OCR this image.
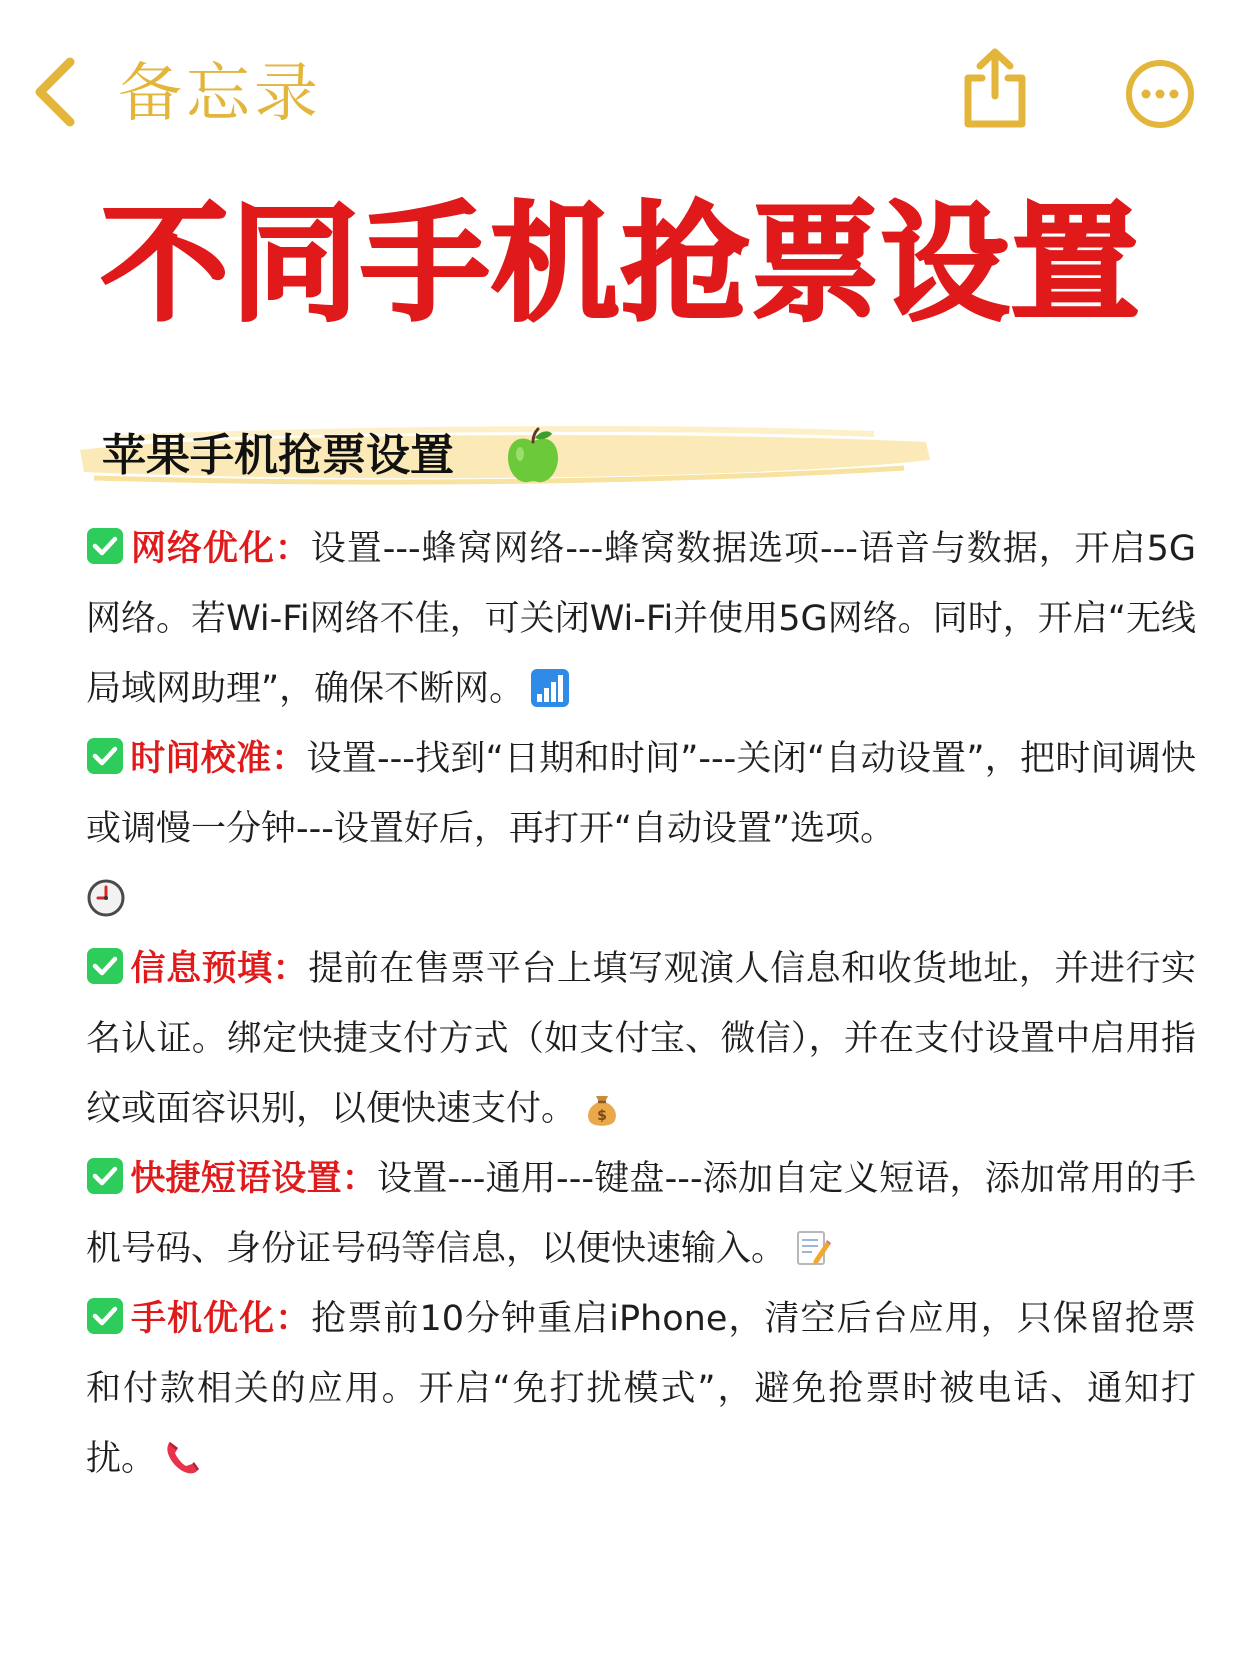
备忘录
不同手机抢票设置
苹果手机抢票设置

网络优化：设置---蜂窝网络---蜂窝数据选项---语音与数据，开启5G网络。若Wi-Fi网络不佳，可关闭Wi-Fi并使用5G网络。同时，开启“无线局域网助理”，确保不断网。

时间校准：设置---找到“日期和时间”---关闭“自动设置”，把时间调快或调慢一分钟---设置好后，再打开“自动设置”选项。

信息预填：提前在售票平台上填写观演人信息和收货地址，并进行实名认证。绑定快捷支付方式（如支付宝、微信），并在支付设置中启用指纹或面容识别，以便快速支付。 $

快捷短语设置：设置---通用---键盘---添加自定义短语，添加常用的手机号码、身份证号码等信息，以便快速输入。

手机优化：抢票前10分钟重启iPhone，清空后台应用，只保留抢票和付款相关的应用。开启“免打扰模式”，避免抢票时被电话、通知打扰。
